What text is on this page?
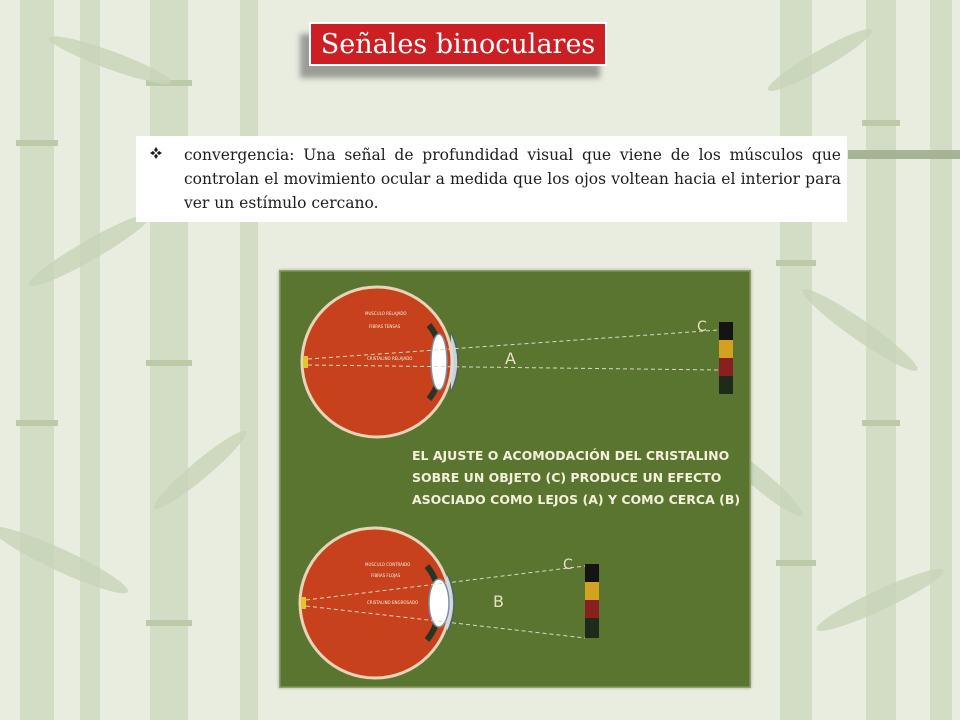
Señales binoculares

convergencia: Una señal de profundidad visual que viene de los músculos que controlan el movimiento ocular a medida que los ojos voltean hacia el interior para ver un estímulo cercano.

MUSCULO RELAJADO
FIBRAS TENSAS
CRISTALINO RELAJADO	A
C
EL AJUSTE O ACOMODACIÓN DEL CRISTALINO
SOBRE UN OBJETO (C) PRODUCE UN EFECTO
ASOCIADO COMO LEJOS (A) Y COMO CERCA (B)
MUSCULO CONTRAIDO
FIBRAS FLOJAS
CRISTALINO ENGROSADO	B
C
